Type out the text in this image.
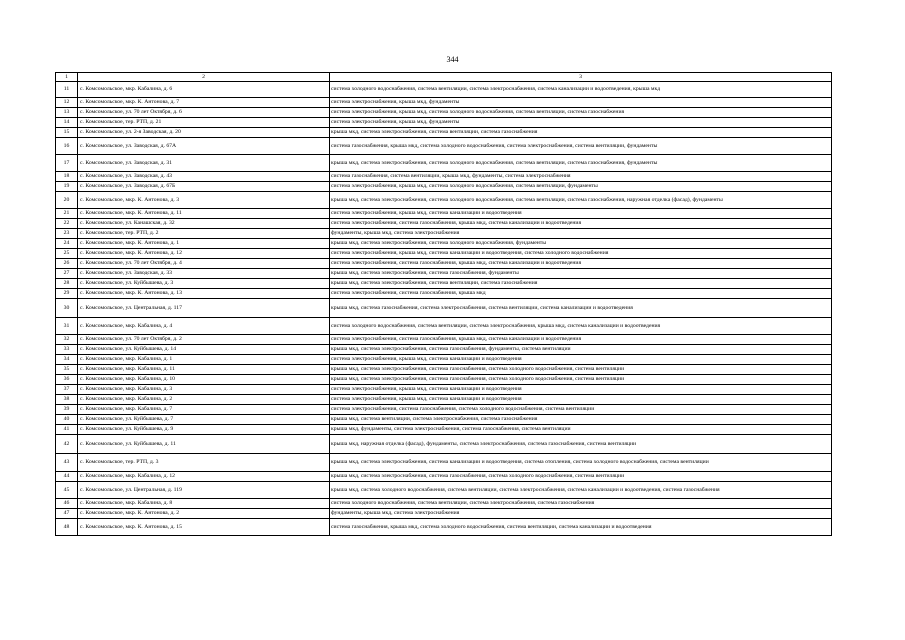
344
1	2	3
11	с. Комсомольское, мкр. Кабалина, д. 6	система холодного водоснабжения, система вентиляции, система электроснабжения, система канализации и водоотведения, крыша мкд
12	с. Комсомольское, мкр. К. Антонова, д. 7	система электроснабжения, крыша мкд, фундаменты
13	с. Комсомольское, ул. 70 лет Октября, д. 6	система электроснабжения, крыша мкд, система холодного водоснабжения, система вентиляции, система газоснабжения
14	с. Комсомольское, тер. РТП, д. 21	система электроснабжения, крыша мкд, фундаменты
15	с. Комсомольское, ул. 2-я Заводская, д. 20	крыша мкд, система электроснабжения, система вентиляции, система газоснабжения
16	с. Комсомольское, ул. Заводская, д. 67А	система газоснабжения, крыша мкд, система холодного водоснабжения, система электроснабжения, система вентиляции, фундаменты
17	с. Комсомольское, ул. Заводская, д. 31	крыша мкд, система электроснабжения, система холодного водоснабжения, система вентиляции, система газоснабжения, фундаменты
18	с. Комсомольское, ул. Заводская, д. 43	система газоснабжения, система вентиляции, крыша мкд, фундаменты, система электроснабжения
19	с. Комсомольское, ул. Заводская, д. 67Б	система электроснабжения, крыша мкд, система холодного водоснабжения, система вентиляции, фундаменты
20	с. Комсомольское, мкр. К. Антонова, д. 3	крыша мкд, система электроснабжения, система холодного водоснабжения, система вентиляции, система газоснабжения, наружная отделка (фасад), фундаменты
21	с. Комсомольское, мкр. К. Антонова, д. 11	система электроснабжения, крыша мкд, система канализации и водоотведения
22	с. Комсомольское, ул. Канашская, д. 32	система электроснабжения, система газоснабжения, крыша мкд, система канализации и водоотведения
23	с. Комсомольское, тер. РТП, д. 2	фундаменты, крыша мкд, система электроснабжения
24	с. Комсомольское, мкр. К. Антонова, д. 1	крыша мкд, система электроснабжения, система холодного водоснабжения, фундаменты
25	с. Комсомольское, мкр. К. Антонова, д. 12	система электроснабжения, крыша мкд, система канализации и водоотведения, система холодного водоснабжения
26	с. Комсомольское, ул. 70 лет Октября, д. 4	система электроснабжения, система газоснабжения, крыша мкд, система канализации и водоотведения
27	с. Комсомольское, ул. Заводская, д. 33	крыша мкд, система электроснабжения, система газоснабжения, фундаменты
28	с. Комсомольское, ул. Куйбышева, д. 3	крыша мкд, система электроснабжения, система вентиляции, система газоснабжения
29	с. Комсомольское, мкр. К. Антонова, д. 13	система электроснабжения, система газоснабжения, крыша мкд
30	с. Комсомольское, ул. Центральная, д. 117	крыша мкд, система газоснабжения, система электроснабжения, система вентиляции, система канализации и водоотведения
31	с. Комсомольское, мкр. Кабалина, д. 4	система холодного водоснабжения, система вентиляции, система электроснабжения, крыша мкд, система канализации и водоотведения
32	с. Комсомольское, ул. 70 лет Октября, д. 2	система электроснабжения, система газоснабжения, крыша мкд, система канализации и водоотведения
33	с. Комсомольское, ул. Куйбышева, д. 14	крыша мкд, система электроснабжения, система газоснабжения, фундаменты, система вентиляции
34	с. Комсомольское, мкр. Кабалина, д. 1	система электроснабжения, крыша мкд, система канализации и водоотведения
35	с. Комсомольское, мкр. Кабалина, д. 11	крыша мкд, система электроснабжения, система газоснабжения, система холодного водоснабжения, система вентиляции
36	с. Комсомольское, мкр. Кабалина, д. 10	крыша мкд, система электроснабжения, система газоснабжения, система холодного водоснабжения, система вентиляции
37	с. Комсомольское, мкр. Кабалина, д. 3	система электроснабжения, крыша мкд, система канализации и водоотведения
38	с. Комсомольское, мкр. Кабалина, д. 2	система электроснабжения, крыша мкд, система канализации и водоотведения
39	с. Комсомольское, мкр. Кабалина, д. 7	система электроснабжения, система газоснабжения, система холодного водоснабжения, система вентиляции
40	с. Комсомольское, ул. Куйбышева, д. 7	крыша мкд, система вентиляции, система электроснабжения, система газоснабжения
41	с. Комсомольское, ул. Куйбышева, д. 9	крыша мкд, фундаменты, система электроснабжения, система газоснабжения, система вентиляции
42	с. Комсомольское, ул. Куйбышева, д. 11	крыша мкд, наружная отделка (фасад), фундаменты, система электроснабжения, система газоснабжения, система вентиляции
43	с. Комсомольское, тер. РТП, д. 3	крыша мкд, система электроснабжения, система канализации и водоотведения, система отопления, система холодного водоснабжения, система вентиляции
44	с. Комсомольское, мкр. Кабалина, д. 12	крыша мкд, система электроснабжения, система газоснабжения, система холодного водоснабжения, система вентиляции
45	с. Комсомольское, ул. Центральная, д. 119	крыша мкд, система холодного водоснабжения, система вентиляции, система электроснабжения, система канализации и водоотведения, система газоснабжения
46	с. Комсомольское, мкр. Кабалина, д. 8	система холодного водоснабжения, система вентиляции, система электроснабжения, система газоснабжения
47	с. Комсомольское, мкр. К. Антонова, д. 2	фундаменты, крыша мкд, система электроснабжения
48	с. Комсомольское, мкр. К. Антонова, д. 15	система газоснабжения, крыша мкд, система холодного водоснабжения, система вентиляции, система канализации и водоотведения
